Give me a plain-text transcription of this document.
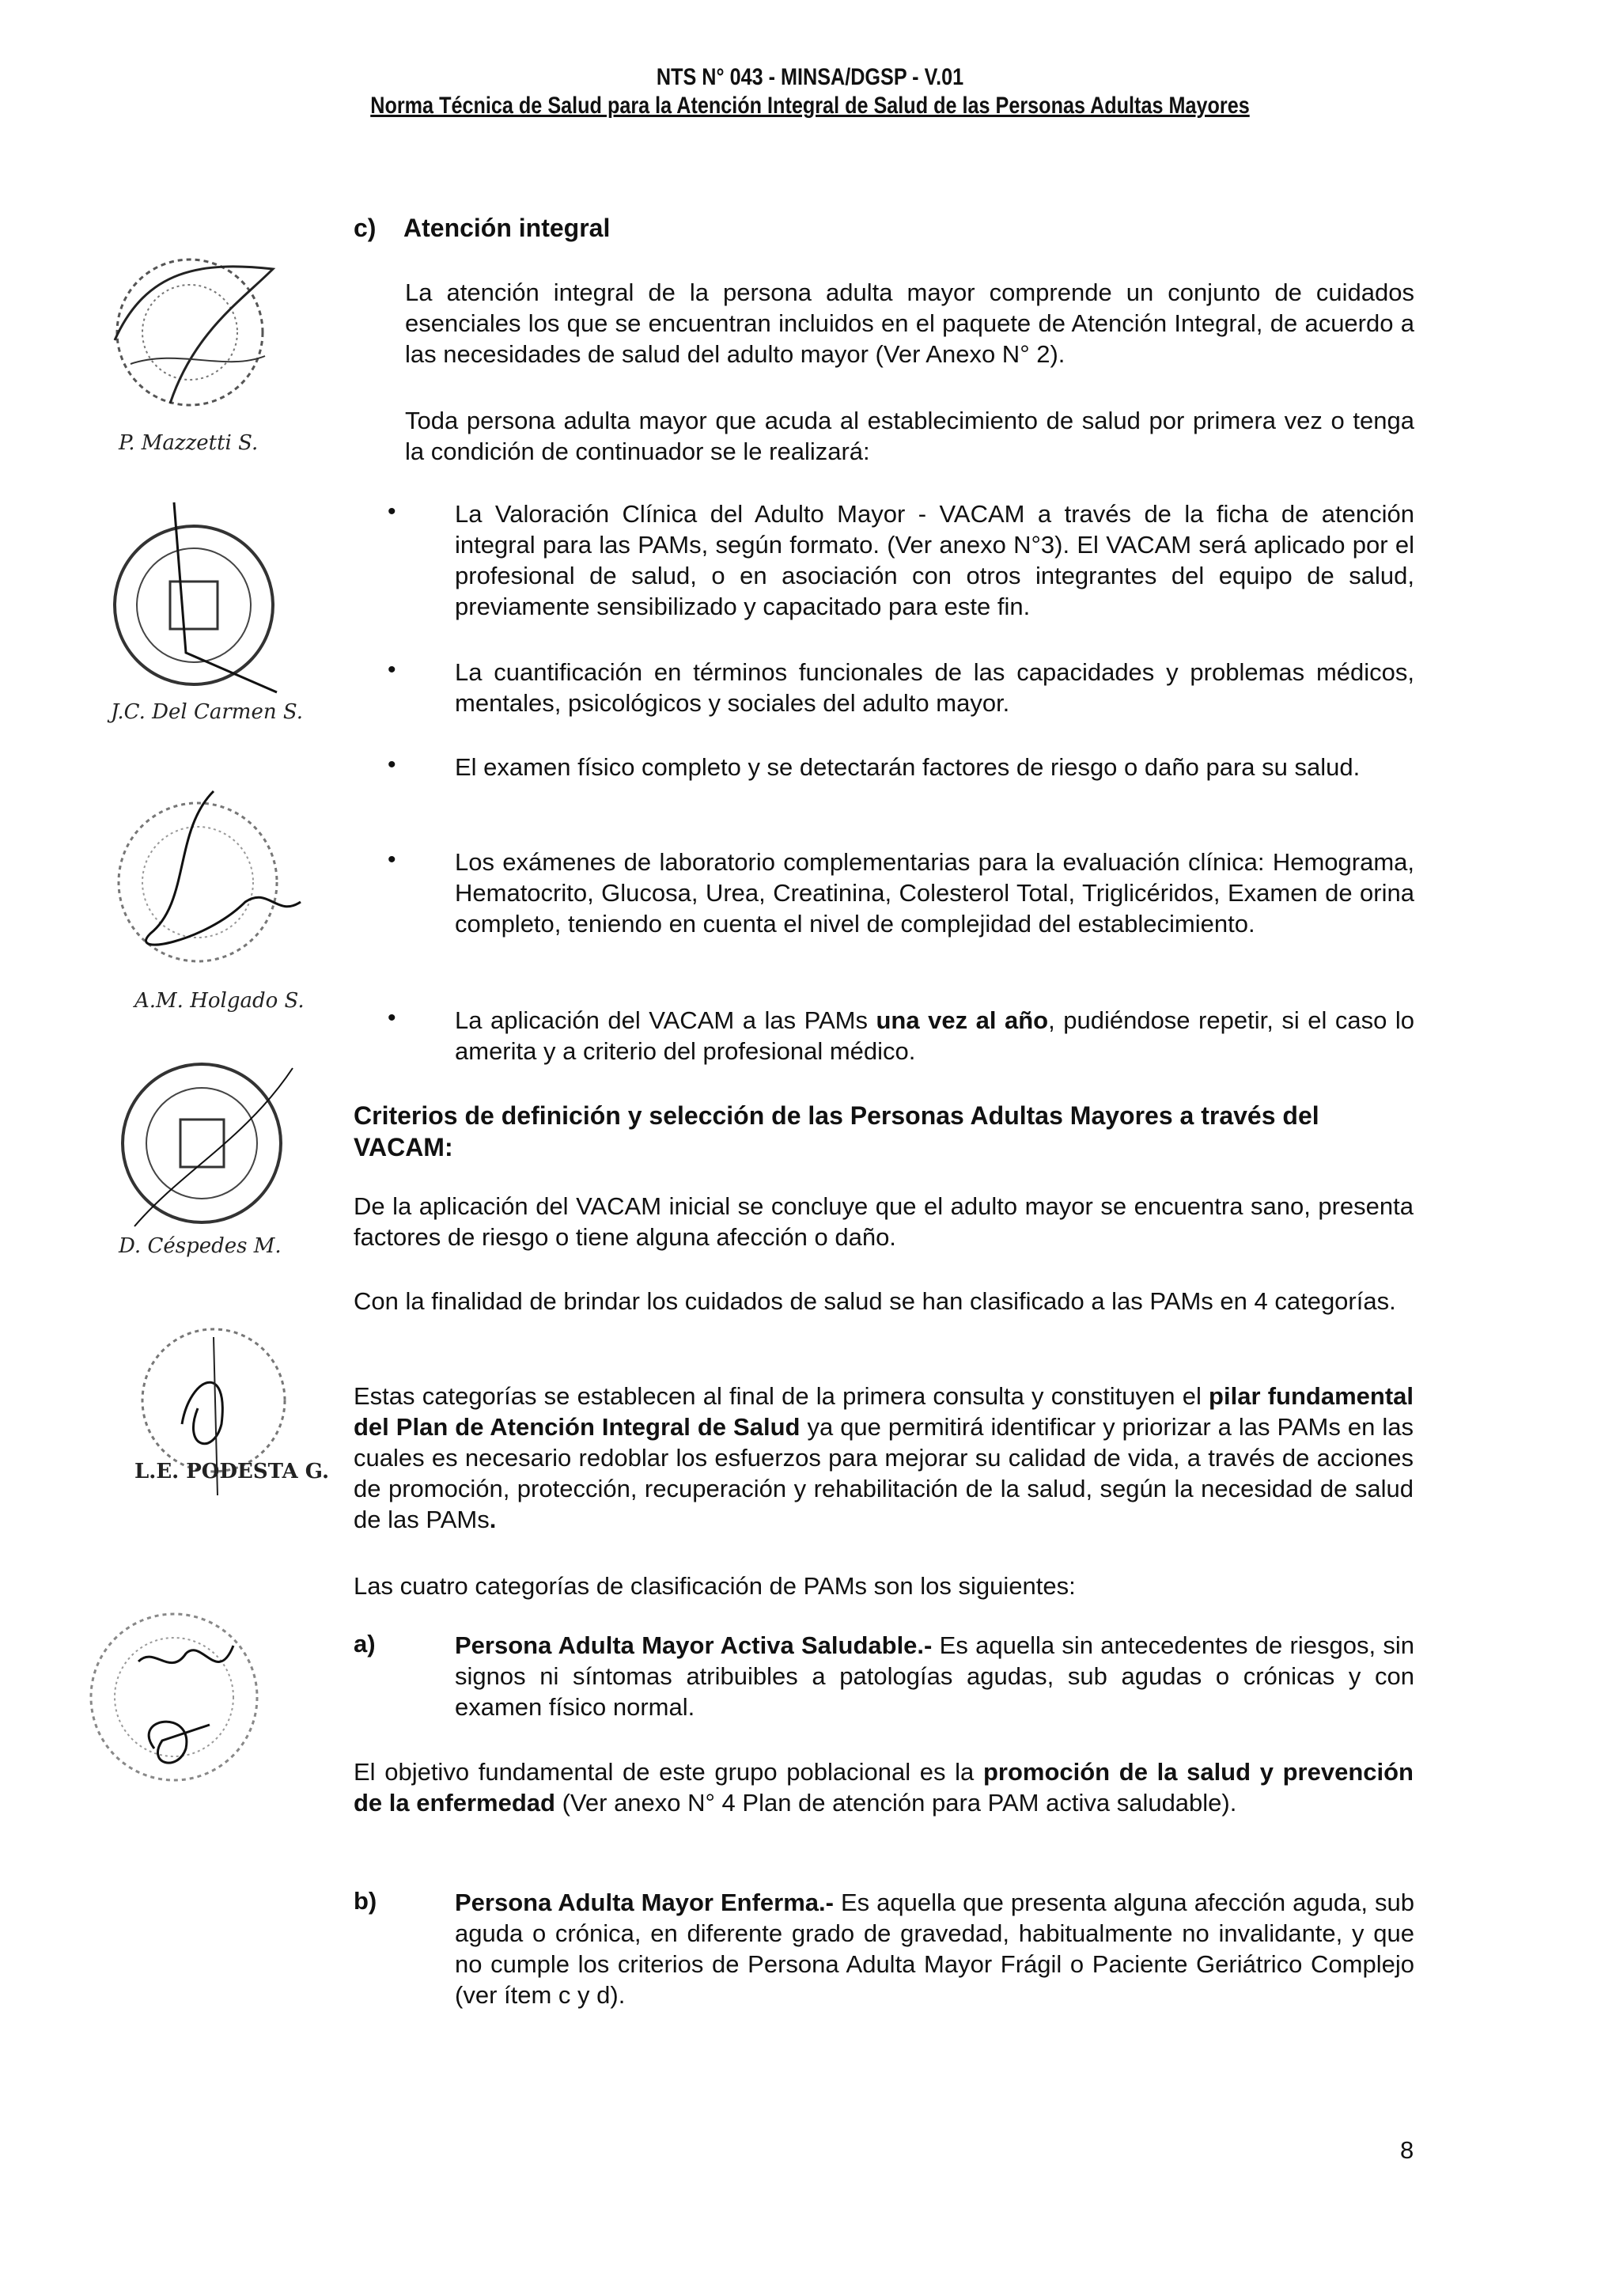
NTS N° 043 - MINSA/DGSP - V.01
Norma Técnica de Salud para la Atención Integral de Salud de las Personas Adultas Mayores
P. Mazzetti S.
J.C. Del Carmen S.
A.M. Holgado S.
D. Céspedes M.
L.E. PODESTA G.
c) Atención integral

La atención integral de la persona adulta mayor comprende un conjunto de cuidados esenciales los que se encuentran incluidos en el paquete de Atención Integral, de acuerdo a las necesidades de salud del adulto mayor (Ver Anexo N° 2).

Toda persona adulta mayor que acuda al establecimiento de salud por primera vez o tenga la condición de continuador se le realizará:

• La Valoración Clínica del Adulto Mayor - VACAM a través de la ficha de atención integral para las PAMs, según formato. (Ver anexo N°3). El VACAM será aplicado por el profesional de salud, o en asociación con otros integrantes del equipo de salud, previamente sensibilizado y capacitado para este fin.

• La cuantificación en términos funcionales de las capacidades y problemas médicos, mentales, psicológicos y sociales del adulto mayor.

• El examen físico completo y se detectarán factores de riesgo o daño para su salud.

• Los exámenes de laboratorio complementarias para la evaluación clínica: Hemograma, Hematocrito, Glucosa, Urea, Creatinina, Colesterol Total, Triglicéridos, Examen de orina completo, teniendo en cuenta el nivel de complejidad del establecimiento.

• La aplicación del VACAM a las PAMs una vez al año, pudiéndose repetir, si el caso lo amerita y a criterio del profesional médico.

Criterios de definición y selección de las Personas Adultas Mayores a través del VACAM:

De la aplicación del VACAM inicial se concluye que el adulto mayor se encuentra sano, presenta factores de riesgo o tiene alguna afección o daño.

Con la finalidad de brindar los cuidados de salud se han clasificado a las PAMs en 4 categorías.

Estas categorías se establecen al final de la primera consulta y constituyen el pilar fundamental del Plan de Atención Integral de Salud ya que permitirá identificar y priorizar a las PAMs en las cuales es necesario redoblar los esfuerzos para mejorar su calidad de vida, a través de acciones de promoción, protección, recuperación y rehabilitación de la salud, según la necesidad de salud de las PAMs.

Las cuatro categorías de clasificación de PAMs son los siguientes:

a)	Persona Adulta Mayor Activa Saludable.- Es aquella sin antecedentes de riesgos, sin signos ni síntomas atribuibles a patologías agudas, sub agudas o crónicas y con examen físico normal.

El objetivo fundamental de este grupo poblacional es la promoción de la salud y prevención de la enfermedad (Ver anexo N° 4 Plan de atención para PAM activa saludable).

b)	Persona Adulta Mayor Enferma.- Es aquella que presenta alguna afección aguda, sub aguda o crónica, en diferente grado de gravedad, habitualmente no invalidante, y que no cumple los criterios de Persona Adulta Mayor Frágil o Paciente Geriátrico Complejo (ver ítem c y d).

8
